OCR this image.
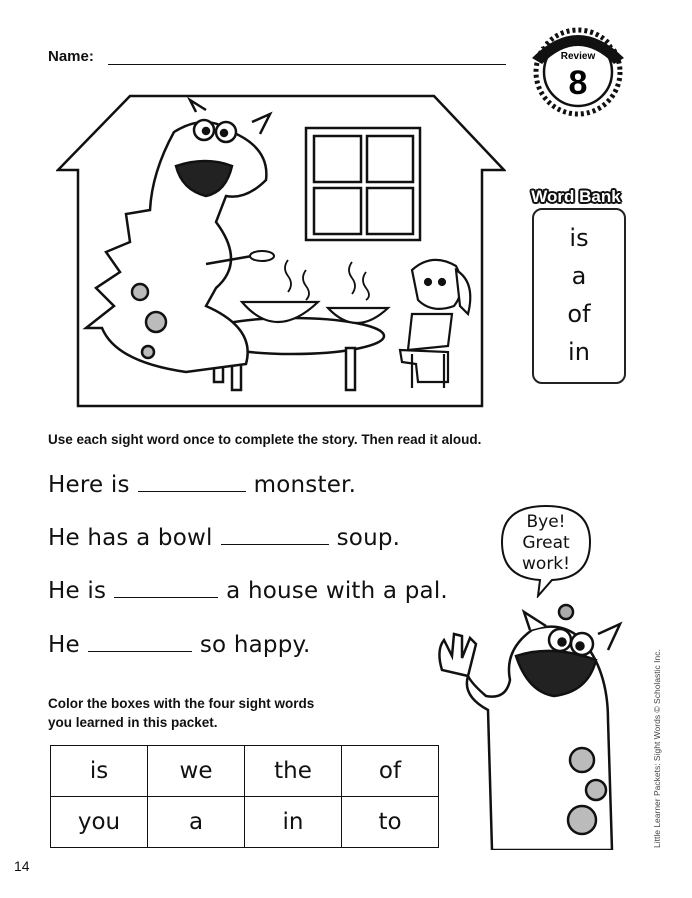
Name:
SIGHT WORDS 1
Review
8
is
a
of
in
Word Bank
Use each sight word once to complete the story. Then read it aloud.
Here is	monster.
He has a bowl	soup.
He is	a house with a pal.
He	so happy.
Bye!
Great
work!
Color the boxes with the four sight words
you learned in this packet.
is	we	the	of
you	a	in	to
14
Little Learner Packets: Sight Words © Scholastic Inc.
